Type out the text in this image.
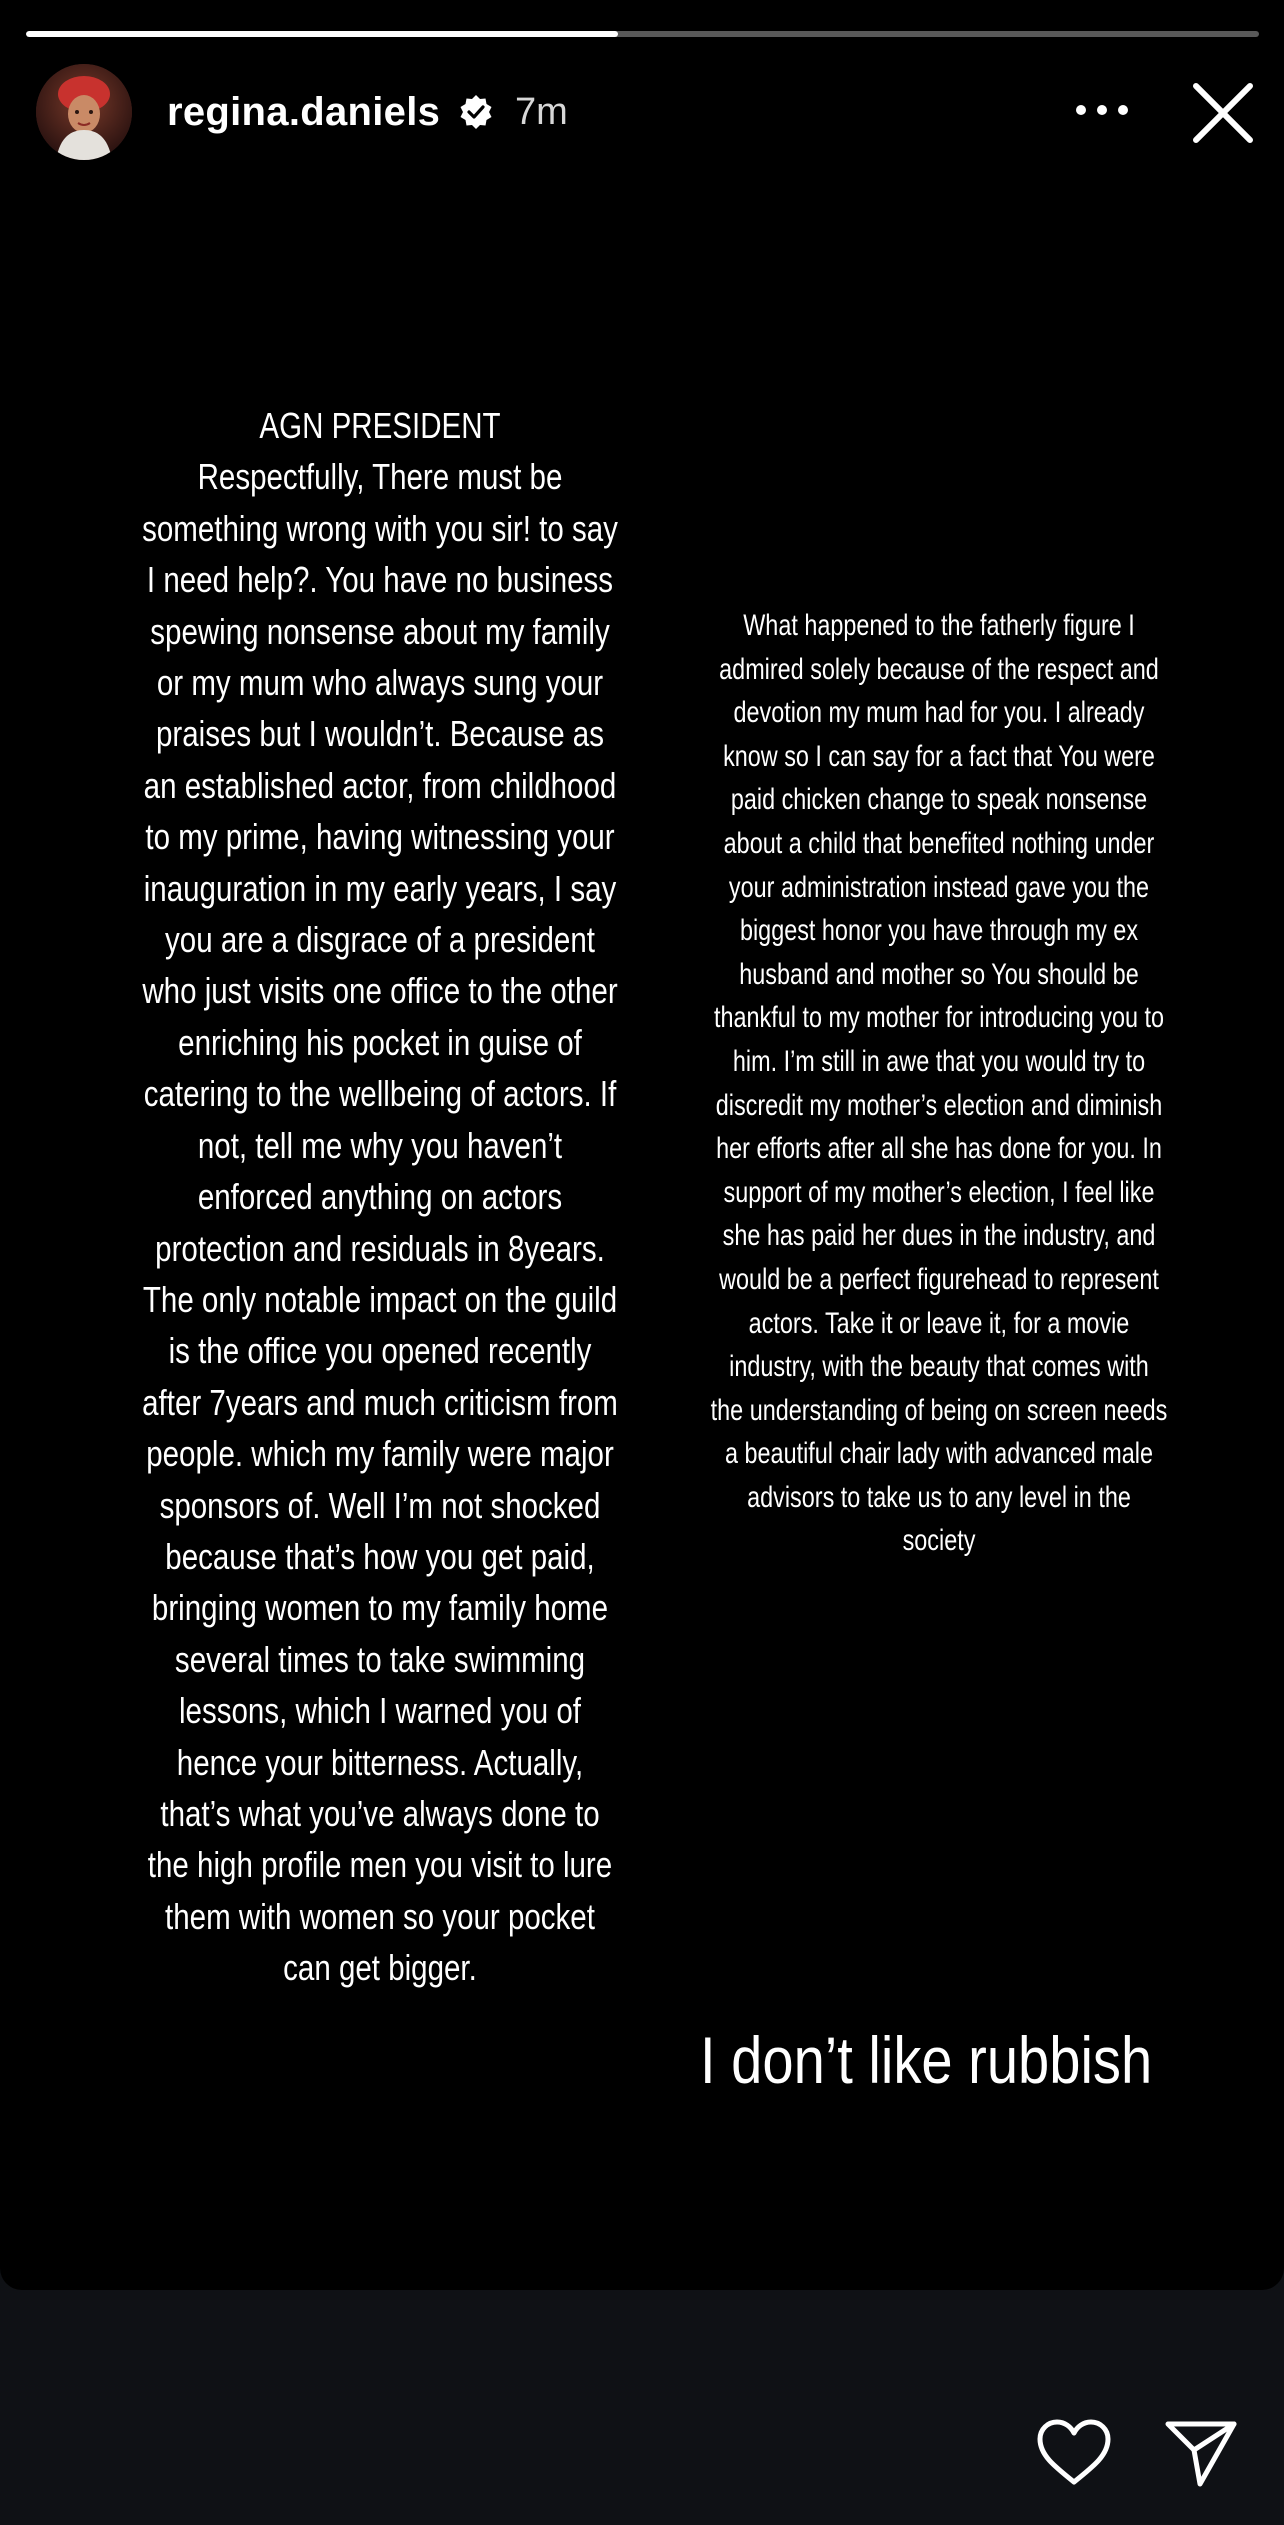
regina.daniels 7m
AGN PRESIDENT
Respectfully, There must be something wrong with you sir! to say I need help?. You have no business spewing nonsense about my family or my mum who always sung your praises but I wouldn’t. Because as an established actor, from childhood to my prime, having witnessing your inauguration in my early years, I say you are a disgrace of a president who just visits one office to the other enriching his pocket in guise of catering to the wellbeing of actors. If not, tell me why you haven’t enforced anything on actors protection and residuals in 8years. The only notable impact on the guild is the office you opened recently after 7years and much criticism from people. which my family were major sponsors of. Well I’m not shocked because that’s how you get paid, bringing women to my family home several times to take swimming lessons, which I warned you of hence your bitterness. Actually, that’s what you’ve always done to the high profile men you visit to lure them with women so your pocket can get bigger.
What happened to the fatherly figure I admired solely because of the respect and devotion my mum had for you. I already know so I can say for a fact that You were paid chicken change to speak nonsense about a child that benefited nothing under your administration instead gave you the biggest honor you have through my ex husband and mother so You should be thankful to my mother for introducing you to him. I’m still in awe that you would try to discredit my mother’s election and diminish her efforts after all she has done for you. In support of my mother’s election, I feel like she has paid her dues in the industry, and would be a perfect figurehead to represent actors. Take it or leave it, for a movie industry, with the beauty that comes with the understanding of being on screen needs a beautiful chair lady with advanced male advisors to take us to any level in the society
I don’t like rubbish
